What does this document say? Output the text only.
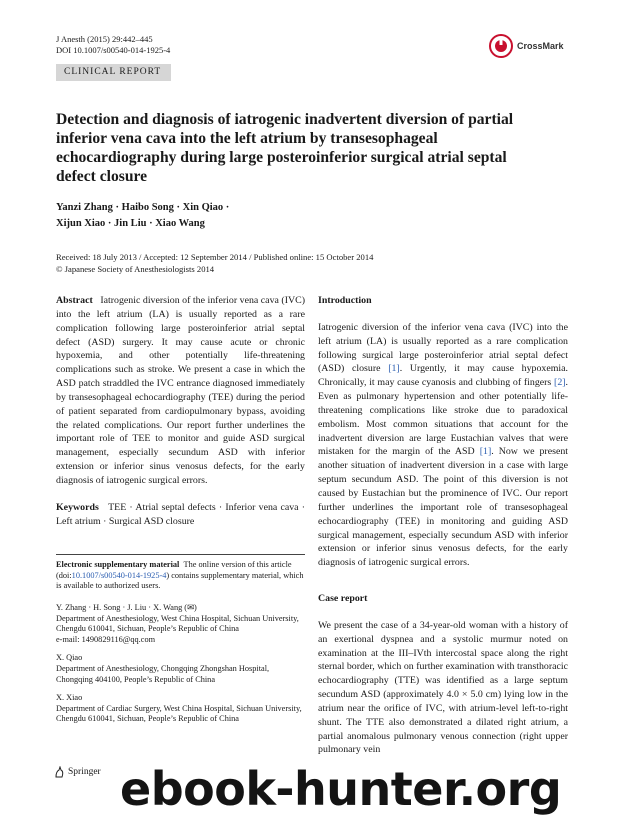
J Anesth (2015) 29:442–445
DOI 10.1007/s00540-014-1925-4	CrossMark
CLINICAL REPORT
Detection and diagnosis of iatrogenic inadvertent diversion of partial inferior vena cava into the left atrium by transesophageal echocardiography during large posteroinferior surgical atrial septal defect closure
Yanzi Zhang · Haibo Song · Xin Qiao ·
Xijun Xiao · Jin Liu · Xiao Wang
Received: 18 July 2013 / Accepted: 12 September 2014 / Published online: 15 October 2014
© Japanese Society of Anesthesiologists 2014

Abstract Iatrogenic diversion of the inferior vena cava (IVC) into the left atrium (LA) is usually reported as a rare complication following large posteroinferior atrial septal defect (ASD) surgery. It may cause acute or chronic hypoxemia, and other potentially life-threatening complications such as stroke. We present a case in which the ASD patch straddled the IVC entrance diagnosed immediately by transesophageal echocardiography (TEE) during the period of patient separated from cardiopulmonary bypass, avoiding the related complications. Our report further underlines the important role of TEE to monitor and guide ASD surgical management, especially secundum ASD with inferior extension or inferior sinus venosus defects, for the early diagnosis of iatrogenic surgical errors.

Keywords TEE · Atrial septal defects · Inferior vena cava · Left atrium · Surgical ASD closure

Electronic supplementary material The online version of this article (doi:10.1007/s00540-014-1925-4) contains supplementary material, which is available to authorized users.
Y. Zhang · H. Song · J. Liu · X. Wang (✉)
Department of Anesthesiology, West China Hospital, Sichuan University, Chengdu 610041, Sichuan, People’s Republic of China
e-mail: 1490829116@qq.com
X. Qiao
Department of Anesthesiology, Chongqing Zhongshan Hospital, Chongqing 404100, People’s Republic of China
X. Xiao
Department of Cardiac Surgery, West China Hospital, Sichuan University, Chengdu 610041, Sichuan, People’s Republic of China

Introduction

Iatrogenic diversion of the inferior vena cava (IVC) into the left atrium (LA) is usually reported as a rare complication following surgical large posteroinferior atrial septal defect (ASD) closure [1]. Urgently, it may cause hypoxemia. Chronically, it may cause cyanosis and clubbing of fingers [2]. Even as pulmonary hypertension and other potentially life-threatening complications like stroke due to paradoxical embolism. Most common situations that account for the inadvertent diversion are large Eustachian valves that were mistaken for the margin of the ASD [1]. Now we present another situation of inadvertent diversion in a case with large septum secundum ASD. The point of this diversion is not caused by Eustachian but the prominence of IVC. Our report further underlines the important role of transesophageal echocardiography (TEE) in monitoring and guiding ASD surgical management, especially secundum ASD with inferior extension or inferior sinus venosus defects, for the early diagnosis of iatrogenic surgical errors.

Case report

We present the case of a 34-year-old woman with a history of an exertional dyspnea and a systolic murmur noted on examination at the III–IVth intercostal space along the right sternal border, which on further examination with transthoracic echocardiography (TTE) was identified as a large septum secundum ASD (approximately 4.0 × 5.0 cm) lying low in the atrium near the orifice of IVC, with atrium-level left-to-right shunt. The TTE also demonstrated a dilated right atrium, a partial anomalous pulmonary venous connection (right upper pulmonary vein

Springer ebook-hunter.org
